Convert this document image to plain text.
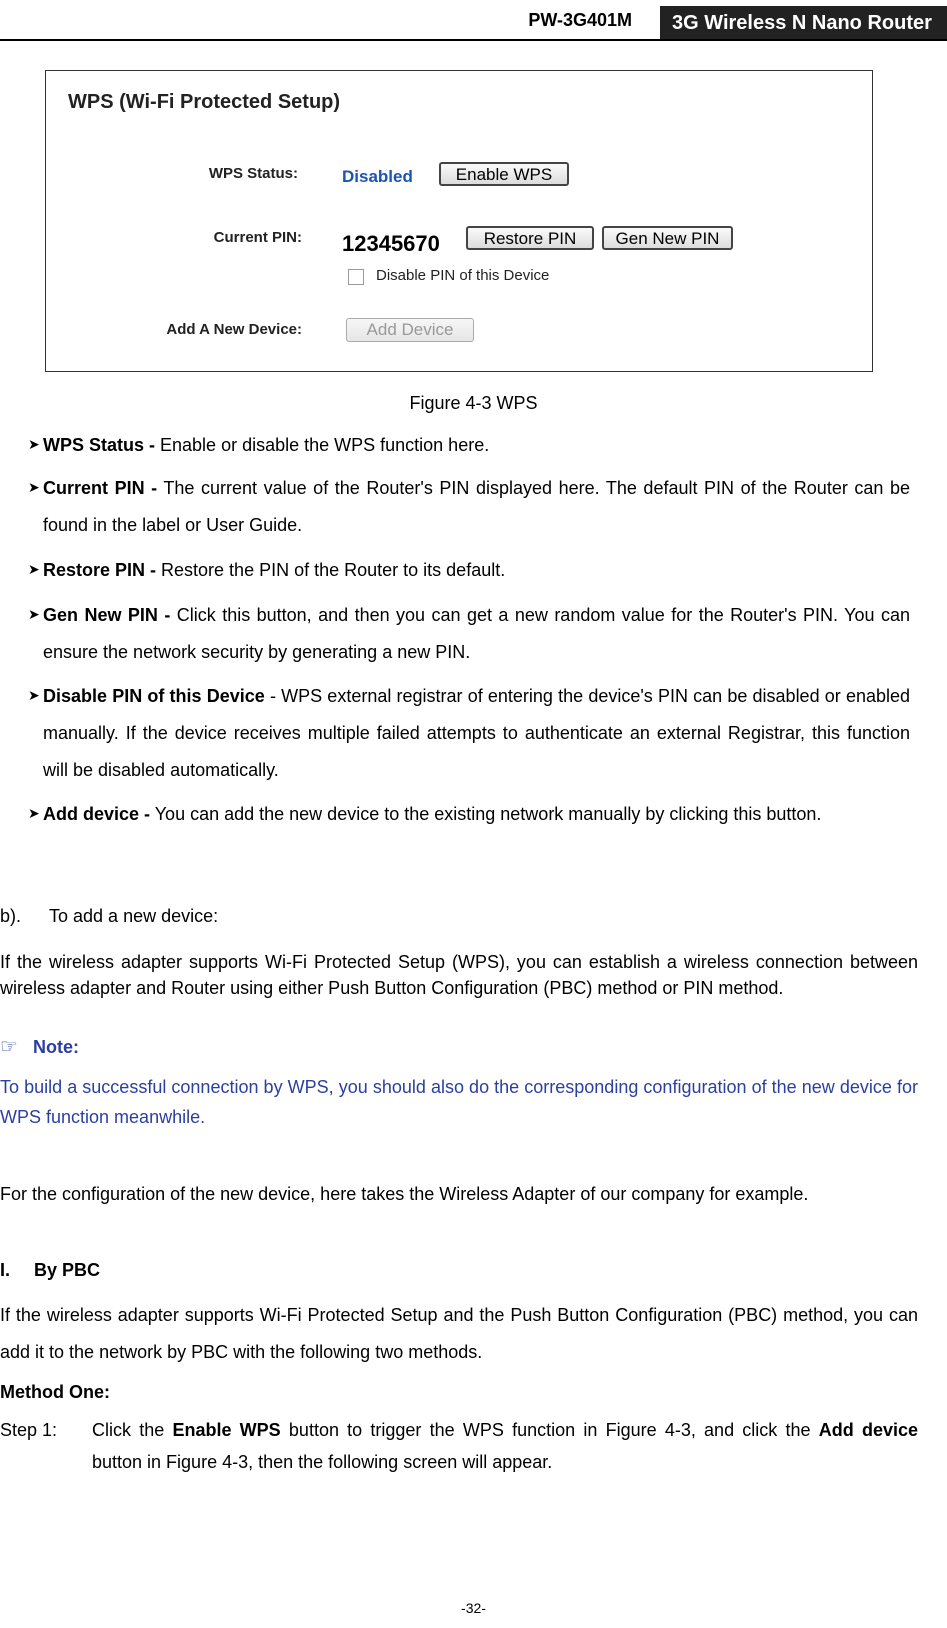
PW-3G401M	3G Wireless N Nano Router
WPS (Wi-Fi Protected Setup)
WPS Status:	Disabled	Enable WPS
Current PIN: 12345670	Restore PIN	Gen New PIN
Disable PIN of this Device
Add A New Device:	Add Device
Figure 4-3 WPS
➤ WPS Status - Enable or disable the WPS function here.
➤ Current PIN - The current value of the Router's PIN displayed here. The default PIN of the Router can be found in the label or User Guide.
➤ Restore PIN - Restore the PIN of the Router to its default.
➤ Gen New PIN - Click this button, and then you can get a new random value for the Router's PIN. You can ensure the network security by generating a new PIN.
➤ Disable PIN of this Device - WPS external registrar of entering the device's PIN can be disabled or enabled manually. If the device receives multiple failed attempts to authenticate an external Registrar, this function will be disabled automatically.
➤ Add device - You can add the new device to the existing network manually by clicking this button.
b). To add a new device:
If the wireless adapter supports Wi-Fi Protected Setup (WPS), you can establish a wireless connection between wireless adapter and Router using either Push Button Configuration (PBC) method or PIN method.
☞ Note:
To build a successful connection by WPS, you should also do the corresponding configuration of the new device for WPS function meanwhile.
For the configuration of the new device, here takes the Wireless Adapter of our company for example.
I. By PBC
If the wireless adapter supports Wi-Fi Protected Setup and the Push Button Configuration (PBC) method, you can add it to the network by PBC with the following two methods.
Method One:
Step 1: Click the Enable WPS button to trigger the WPS function in Figure 4-3, and click the Add device button in Figure 4-3, then the following screen will appear.
-32-
